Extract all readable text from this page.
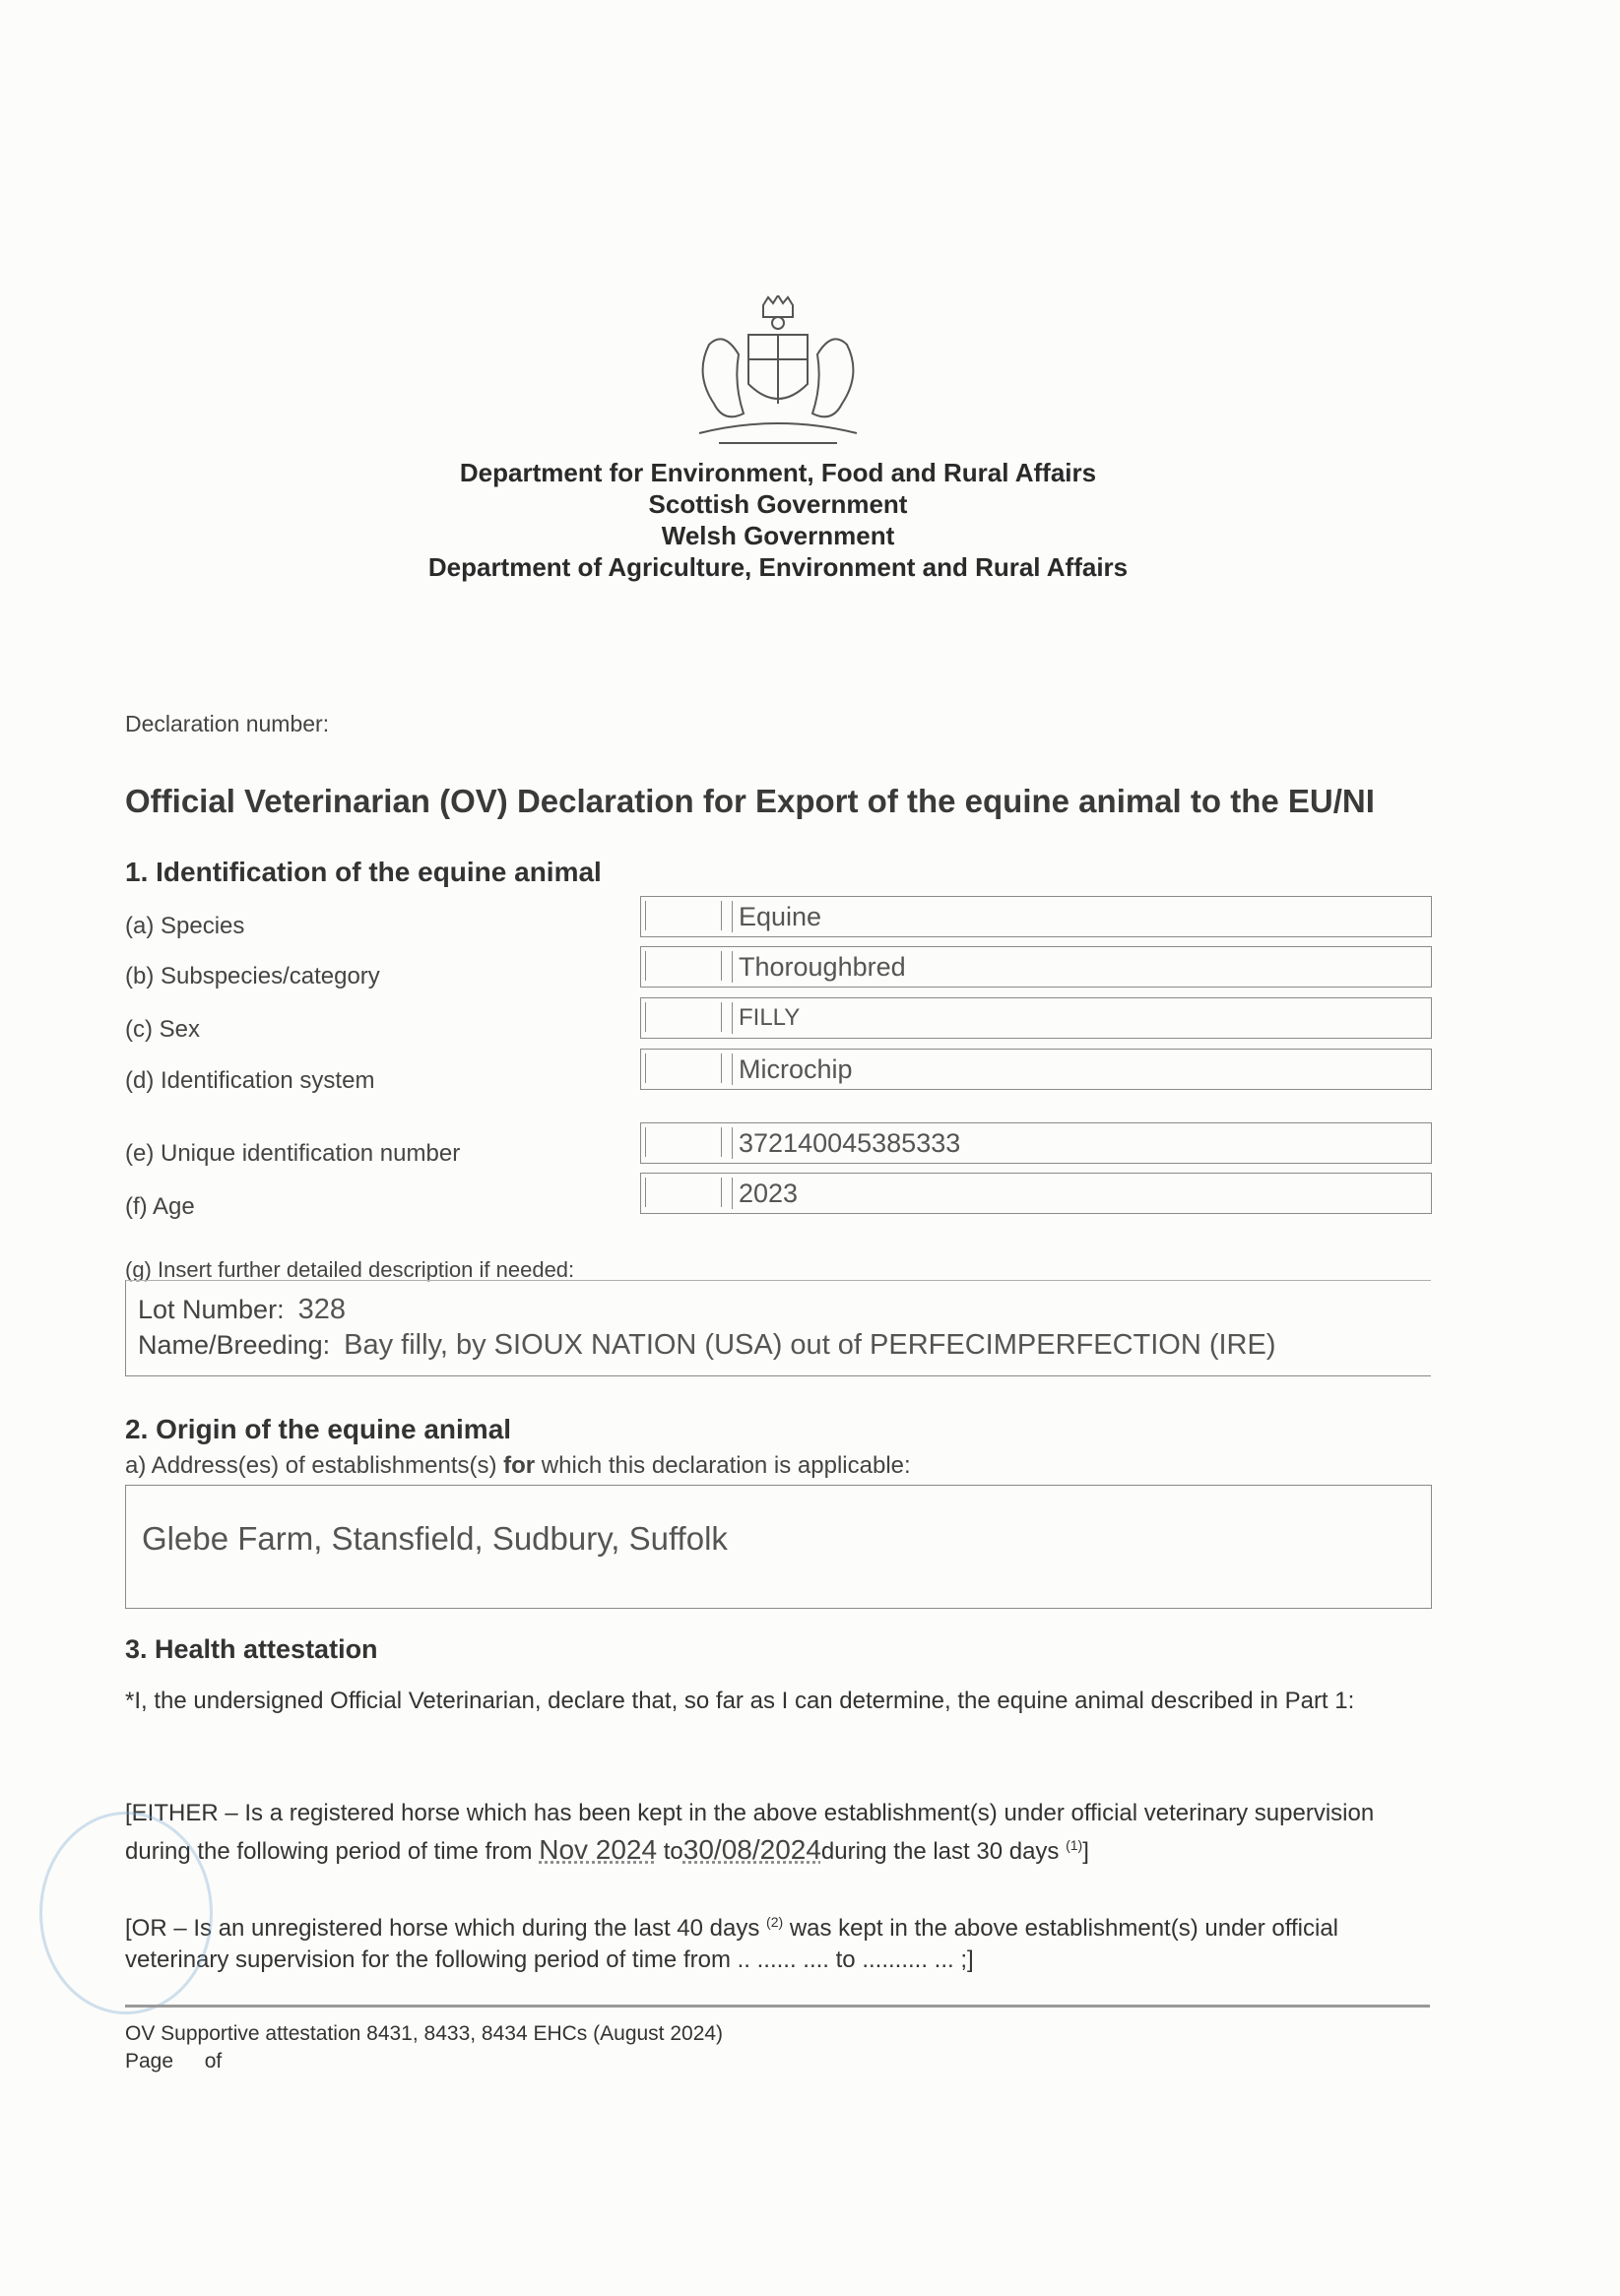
Department for Environment, Food and Rural Affairs
Scottish Government
Welsh Government
Department of Agriculture, Environment and Rural Affairs
Declaration number:
Official Veterinarian (OV) Declaration for Export of the equine animal to the EU/NI
1. Identification of the equine animal
(a) Species	Equine
(b) Subspecies/category	Thoroughbred
(c) Sex	FILLY
(d) Identification system	Microchip
(e) Unique identification number	372140045385333
(f) Age	2023
(g) Insert further detailed description if needed:
Lot Number: 328
Name/Breeding: Bay filly, by SIOUX NATION (USA) out of PERFECIMPERFECTION (IRE)
2. Origin of the equine animal
a) Address(es) of establishments(s) for which this declaration is applicable:
Glebe Farm, Stansfield, Sudbury, Suffolk
3. Health attestation
*I, the undersigned Official Veterinarian, declare that, so far as I can determine, the equine animal described in Part 1:
[EITHER – Is a registered horse which has been kept in the above establishment(s) under official veterinary supervision during the following period of time from Nov 2024 to30/08/2024during the last 30 days $^{(1)}$]
[OR – Is an unregistered horse which during the last 40 days $^{(2)}$ was kept in the above establishment(s) under official veterinary supervision for the following period of time from .. ...... .... to .......... ... ;]
OV Supportive attestation 8431, 8433, 8434 EHCs (August 2024)
Page of
